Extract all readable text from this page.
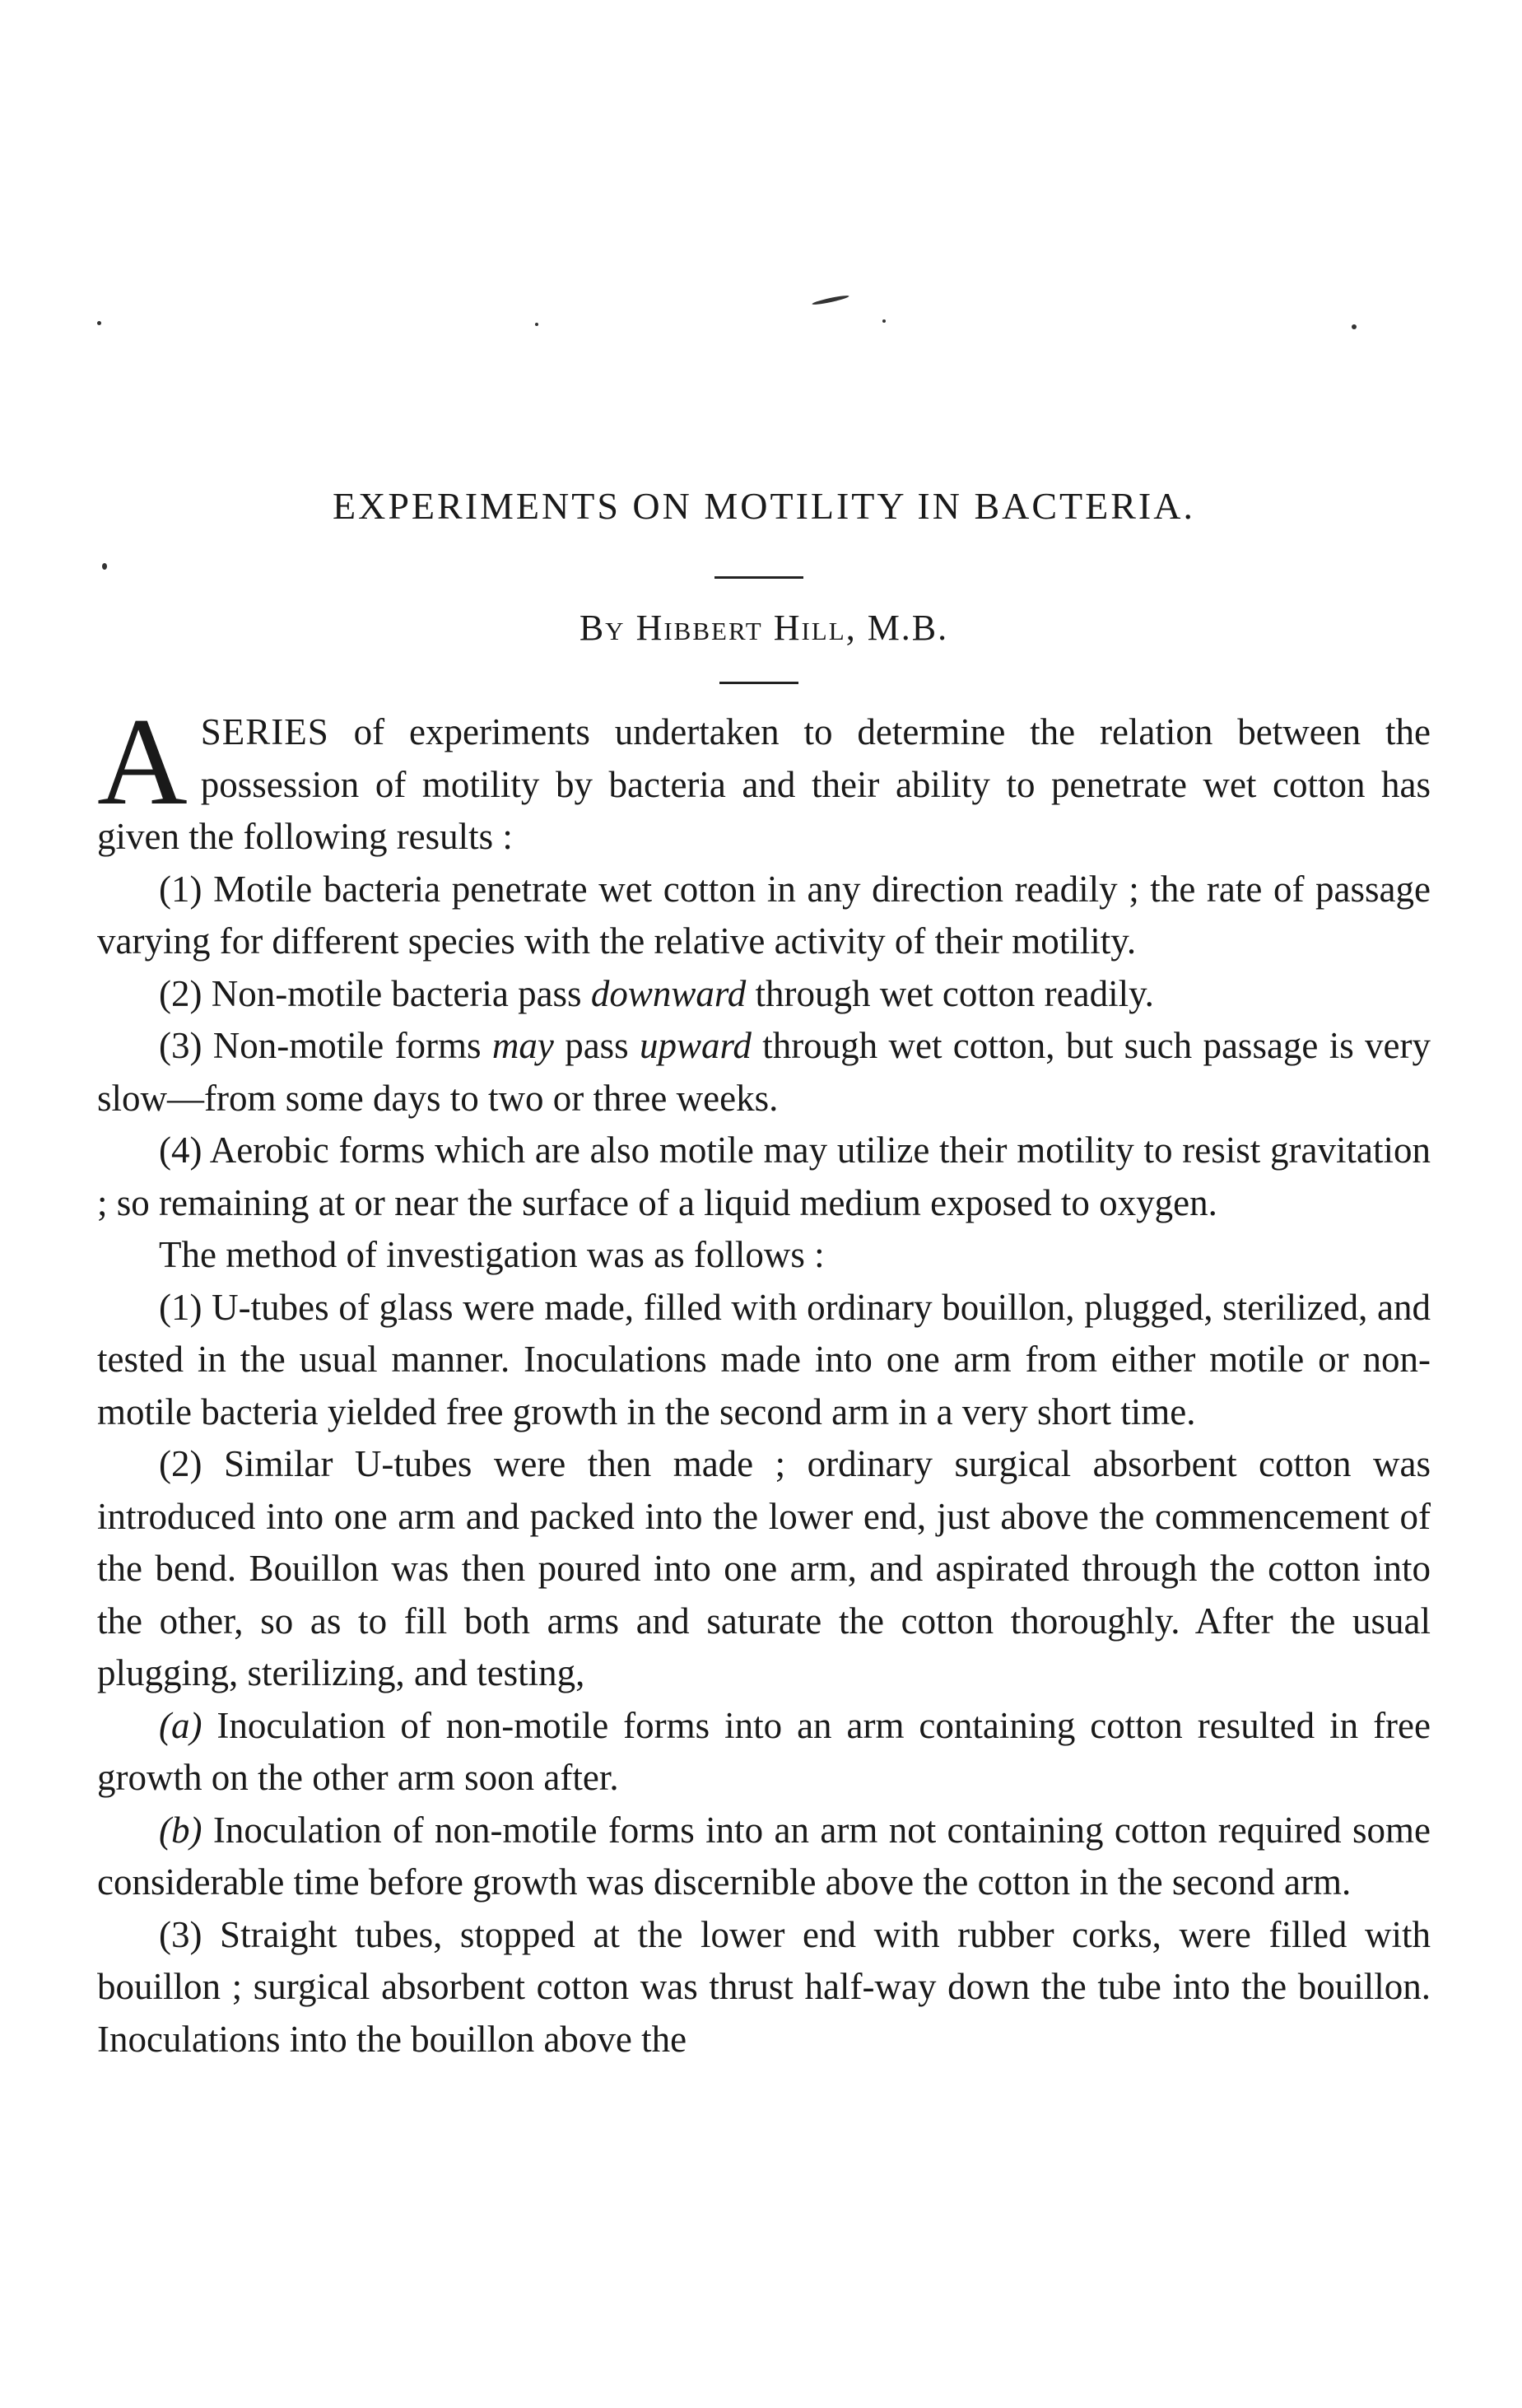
EXPERIMENTS ON MOTILITY IN BACTERIA.
By Hibbert Hill, M.B.

ASERIES of experiments undertaken to determine the relation between the possession of motility by bacteria and their ability to penetrate wet cotton has given the following results :

(1) Motile bacteria penetrate wet cotton in any direction readily ; the rate of passage varying for different species with the relative activity of their motility.

(2) Non-motile bacteria pass downward through wet cotton readily.

(3) Non-motile forms may pass upward through wet cotton, but such passage is very slow—from some days to two or three weeks.

(4) Aerobic forms which are also motile may utilize their motility to resist gravitation ; so remaining at or near the surface of a liquid medium exposed to oxygen.

The method of investigation was as follows :

(1) U-tubes of glass were made, filled with ordinary bouillon, plugged, sterilized, and tested in the usual manner. Inoculations made into one arm from either motile or non-motile bacteria yielded free growth in the second arm in a very short time.

(2) Similar U-tubes were then made ; ordinary surgical absorbent cotton was introduced into one arm and packed into the lower end, just above the commencement of the bend. Bouillon was then poured into one arm, and aspirated through the cotton into the other, so as to fill both arms and saturate the cotton thoroughly. After the usual plugging, sterilizing, and testing,

(a) Inoculation of non-motile forms into an arm containing cotton resulted in free growth on the other arm soon after.

(b) Inoculation of non-motile forms into an arm not containing cotton required some considerable time before growth was discernible above the cotton in the second arm.

(3) Straight tubes, stopped at the lower end with rubber corks, were filled with bouillon ; surgical absorbent cotton was thrust half-way down the tube into the bouillon. Inoculations into the bouillon above the
